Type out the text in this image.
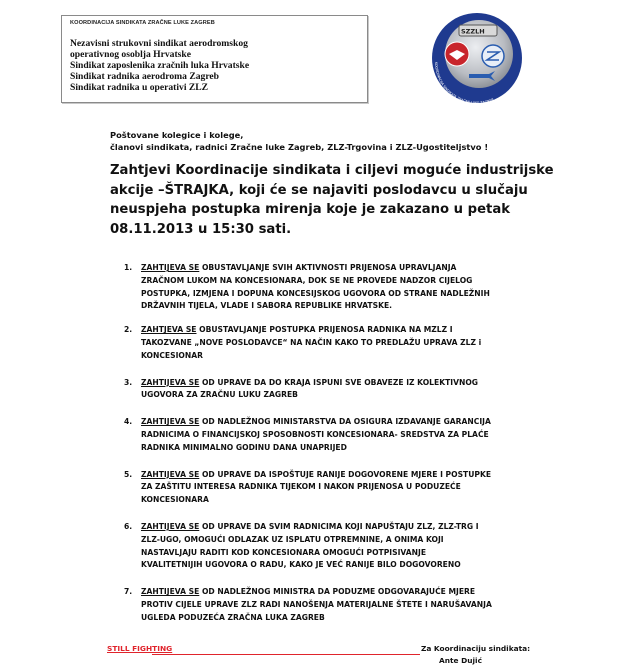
KOORDINACIJA SINDIKATA ZRAČNE LUKE ZAGREB
Nezavisni strukovni sindikat aerodromskog
operativnog osoblja Hrvatske
Sindikat zaposlenika zračnih luka Hrvatske
Sindikat radnika aerodroma Zagreb
Sindikat radnika u operativi ZLZ
SZZLH
KOORDINACIJA SINDIKATA ZRAČNE LUKE ZAGREB
Poštovane kolegice i kolege,
članovi sindikata, radnici Zračne luke Zagreb, ZLZ-Trgovina i ZLZ-Ugostiteljstvo !
Zahtjevi Koordinacije sindikata i ciljevi moguće industrijske
akcije –ŠTRAJKA, koji će se najaviti poslodavcu u slučaju
neuspjeha postupka mirenja koje je zakazano u petak
08.11.2013 u 15:30 sati.
1. ZAHTIJEVA SE OBUSTAVLJANJE SVIH AKTIVNOSTI PRIJENOSA UPRAVLJANJA
ZRAČNOM LUKOM NA KONCESIONARA, DOK SE NE PROVEDE NADZOR CIJELOG
POSTUPKA, IZMJENA I DOPUNA KONCESIJSKOG UGOVORA OD STRANE NADLEŽNIH
DRŽAVNIH TIJELA, VLADE I SABORA REPUBLIKE HRVATSKE.
2. ZAHTJEVA SE OBUSTAVLJANJE POSTUPKA PRIJENOSA RADNIKA NA MZLZ I
TAKOZVANE „NOVE POSLODAVCE“ NA NAČIN KAKO TO PREDLAŽU UPRAVA ZLZ i
KONCESIONAR
3. ZAHTIJEVA SE OD UPRAVE DA DO KRAJA ISPUNI SVE OBAVEZE IZ KOLEKTIVNOG
UGOVORA ZA ZRAČNU LUKU ZAGREB
4. ZAHTIJEVA SE OD NADLEŽNOG MINISTARSTVA DA OSIGURA IZDAVANJE GARANCIJA
RADNICIMA O FINANCIJSKOJ SPOSOBNOSTI KONCESIONARA- SREDSTVA ZA PLAĆE
RADNIKA MINIMALNO GODINU DANA UNAPRIJED
5. ZAHTIJEVA SE OD UPRAVE DA ISPOŠTUJE RANIJE DOGOVORENE MJERE I POSTUPKE
ZA ZAŠTITU INTERESA RADNIKA TIJEKOM I NAKON PRIJENOSA U PODUZEĆE
KONCESIONARA
6. ZAHTIJEVA SE OD UPRAVE DA SVIM RADNICIMA KOJI NAPUŠTAJU ZLZ, ZLZ-TRG I
ZLZ-UGO, OMOGUĆI ODLAZAK UZ ISPLATU OTPREMNINE, A ONIMA KOJI
NASTAVLJAJU RADITI KOD KONCESIONARA OMOGUĆI POTPISIVANJE
KVALITETNIJIH UGOVORA O RADU, KAKO JE VEĆ RANIJE BILO DOGOVORENO
7. ZAHTIJEVA SE OD NADLEŽNOG MINISTRA DA PODUZME ODGOVARAJUĆE MJERE
PROTIV CIJELE UPRAVE ZLZ RADI NANOŠENJA MATERIJALNE ŠTETE I NARUŠAVANJA
UGLEDA PODUZEĆA ZRAČNA LUKA ZAGREB
STILL FIGHTING	Za Koordinaciju sindikata:
Ante Dujić
